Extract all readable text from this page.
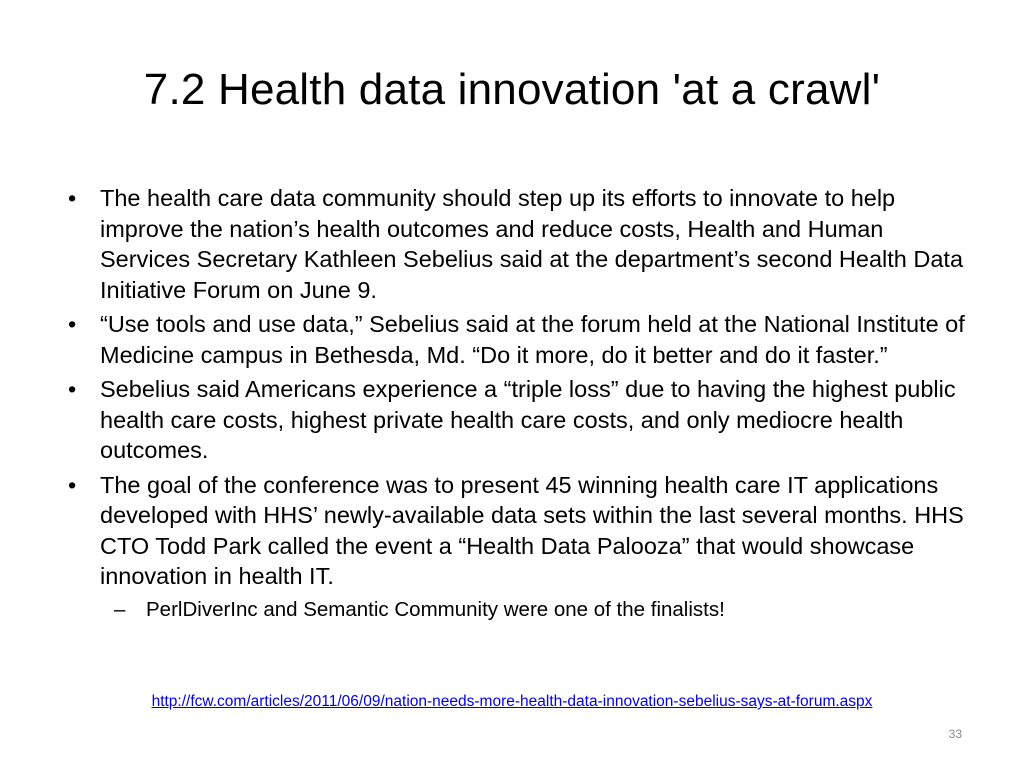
7.2 Health data innovation 'at a crawl'
• The health care data community should step up its efforts to innovate to help improve the nation’s health outcomes and reduce costs, Health and Human Services Secretary Kathleen Sebelius said at the department’s second Health Data Initiative Forum on June 9.
• “Use tools and use data,” Sebelius said at the forum held at the National Institute of Medicine campus in Bethesda, Md. “Do it more, do it better and do it faster.”
• Sebelius said Americans experience a “triple loss” due to having the highest public health care costs, highest private health care costs, and only mediocre health outcomes.
• The goal of the conference was to present 45 winning health care IT applications developed with HHS’ newly-available data sets within the last several months. HHS CTO Todd Park called the event a “Health Data Palooza” that would showcase innovation in health IT.
– PerlDiverInc and Semantic Community were one of the finalists!
http://fcw.com/articles/2011/06/09/nation-needs-more-health-data-innovation-sebelius-says-at-forum.aspx
33
